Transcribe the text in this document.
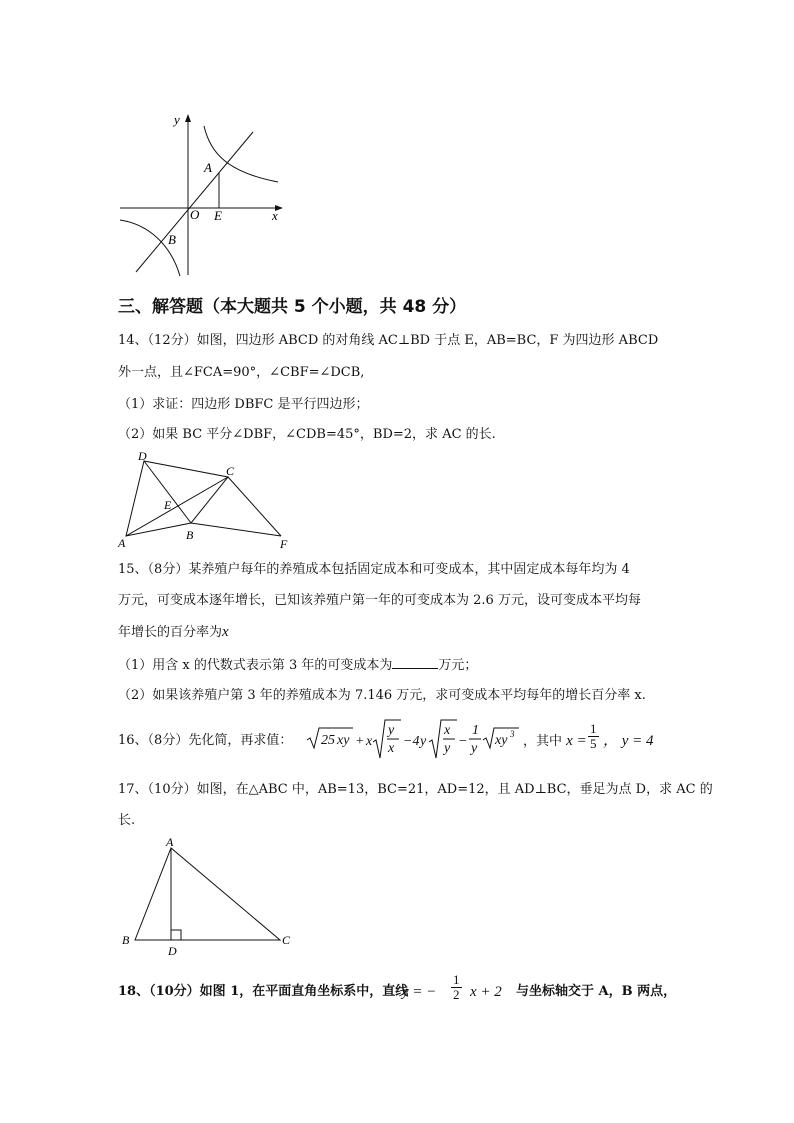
y
x
A
O E
B
三、解答题（本大题共 5 个小题，共 48 分）
14、（12分）如图，四边形 ABCD 的对角线 AC⊥BD 于点 E，AB=BC，F 为四边形 ABCD
外一点，且∠FCA=90°，∠CBF=∠DCB,
（1）求证：四边形 DBFC 是平行四边形；
（2）如果 BC 平分∠DBF，∠CDB=45°，BD=2，求 AC 的长.
D
C
E
B
A	F
15、（8分）某养殖户每年的养殖成本包括固定成本和可变成本，其中固定成本每年均为 4
万元，可变成本逐年增长，已知该养殖户第一年的可变成本为 2.6 万元，设可变成本平均每
年增长的百分率为x
（1）用含 x 的代数式表示第 3 年的可变成本为	万元；
（2）如果该养殖户第 3 年的养殖成本为 7.146 万元，求可变成本平均每年的增长百分率 x.
16、（8分）先化简，再求值： 25 xy + x
y
x −4 y
x
y −
1
y
xy 3 ，其中 $x = \frac{1}{5}$ ， y = 4
17、（10分）如图，在△ABC 中，AB=13，BC=21，AD=12，且 AD⊥BC，垂足为点 D，求 AC 的
长.
A
B
D
C
18、（10分）如图 1，在平面直角坐标系中，直线
y = − $\frac{1}{2}$ x + 2 与坐标轴交于 A，B 两点，
